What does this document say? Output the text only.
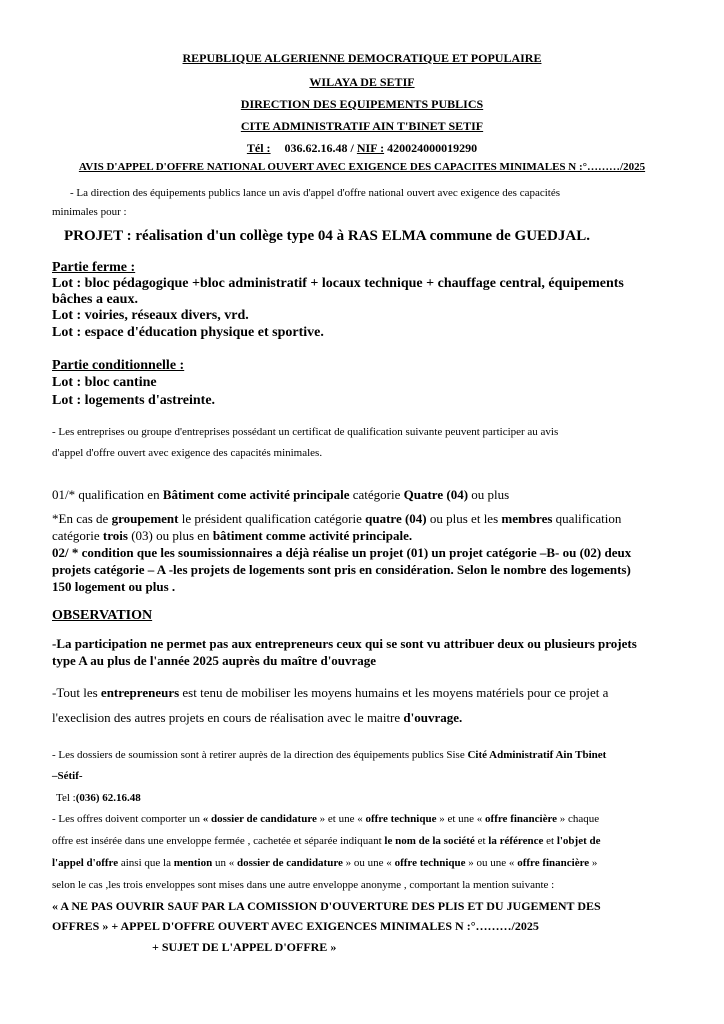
REPUBLIQUE ALGERIENNE DEMOCRATIQUE ET POPULAIRE
WILAYA DE SETIF
DIRECTION DES EQUIPEMENTS PUBLICS
CITE ADMINISTRATIF AIN T'BINET SETIF
Tél : 036.62.16.48 / NIF : 420024000019290
AVIS D'APPEL D'OFFRE NATIONAL OUVERT AVEC EXIGENCE DES CAPACITES MINIMALES N :°………/2025
- La direction des équipements publics lance un avis d'appel d'offre national ouvert avec exigence des capacités
minimales pour :
PROJET : réalisation d'un collège type 04 à RAS ELMA commune de GUEDJAL.
Partie ferme :
Lot : bloc pédagogique +bloc administratif + locaux technique + chauffage central, équipements
bâches a eaux.
Lot : voiries, réseaux divers, vrd.
Lot : espace d'éducation physique et sportive.
Partie conditionnelle :
Lot : bloc cantine
Lot : logements d'astreinte.
- Les entreprises ou groupe d'entreprises possédant un certificat de qualification suivante peuvent participer au avis
d'appel d'offre ouvert avec exigence des capacités minimales.
01/* qualification en Bâtiment come activité principale catégorie Quatre (04) ou plus
*En cas de groupement le président qualification catégorie quatre (04) ou plus et les membres qualification
catégorie trois (03) ou plus en bâtiment comme activité principale.
02/ * condition que les soumissionnaires a déjà réalise un projet (01) un projet catégorie –B- ou (02) deux
projets catégorie – A -les projets de logements sont pris en considération. Selon le nombre des logements)
150 logement ou plus .
OBSERVATION
-La participation ne permet pas aux entrepreneurs ceux qui se sont vu attribuer deux ou plusieurs projets
type A au plus de l'année 2025 auprès du maître d'ouvrage
-Tout les entrepreneurs est tenu de mobiliser les moyens humains et les moyens matériels pour ce projet a
l'execlision des autres projets en cours de réalisation avec le maitre d'ouvrage.
- Les dossiers de soumission sont à retirer auprès de la direction des équipements publics Sise Cité Administratif Ain Tbinet
–Sétif-
Tel :(036) 62.16.48
- Les offres doivent comporter un « dossier de candidature » et une « offre technique » et une « offre financière » chaque
offre est insérée dans une enveloppe fermée , cachetée et séparée indiquant le nom de la société et la référence et l'objet de
l'appel d'offre ainsi que la mention un « dossier de candidature » ou une « offre technique » ou une « offre financière »
selon le cas ,les trois enveloppes sont mises dans une autre enveloppe anonyme , comportant la mention suivante :
« A NE PAS OUVRIR SAUF PAR LA COMISSION D'OUVERTURE DES PLIS ET DU JUGEMENT DES
OFFRES » + APPEL D'OFFRE OUVERT AVEC EXIGENCES MINIMALES N :°………/2025
+ SUJET DE L'APPEL D'OFFRE »
